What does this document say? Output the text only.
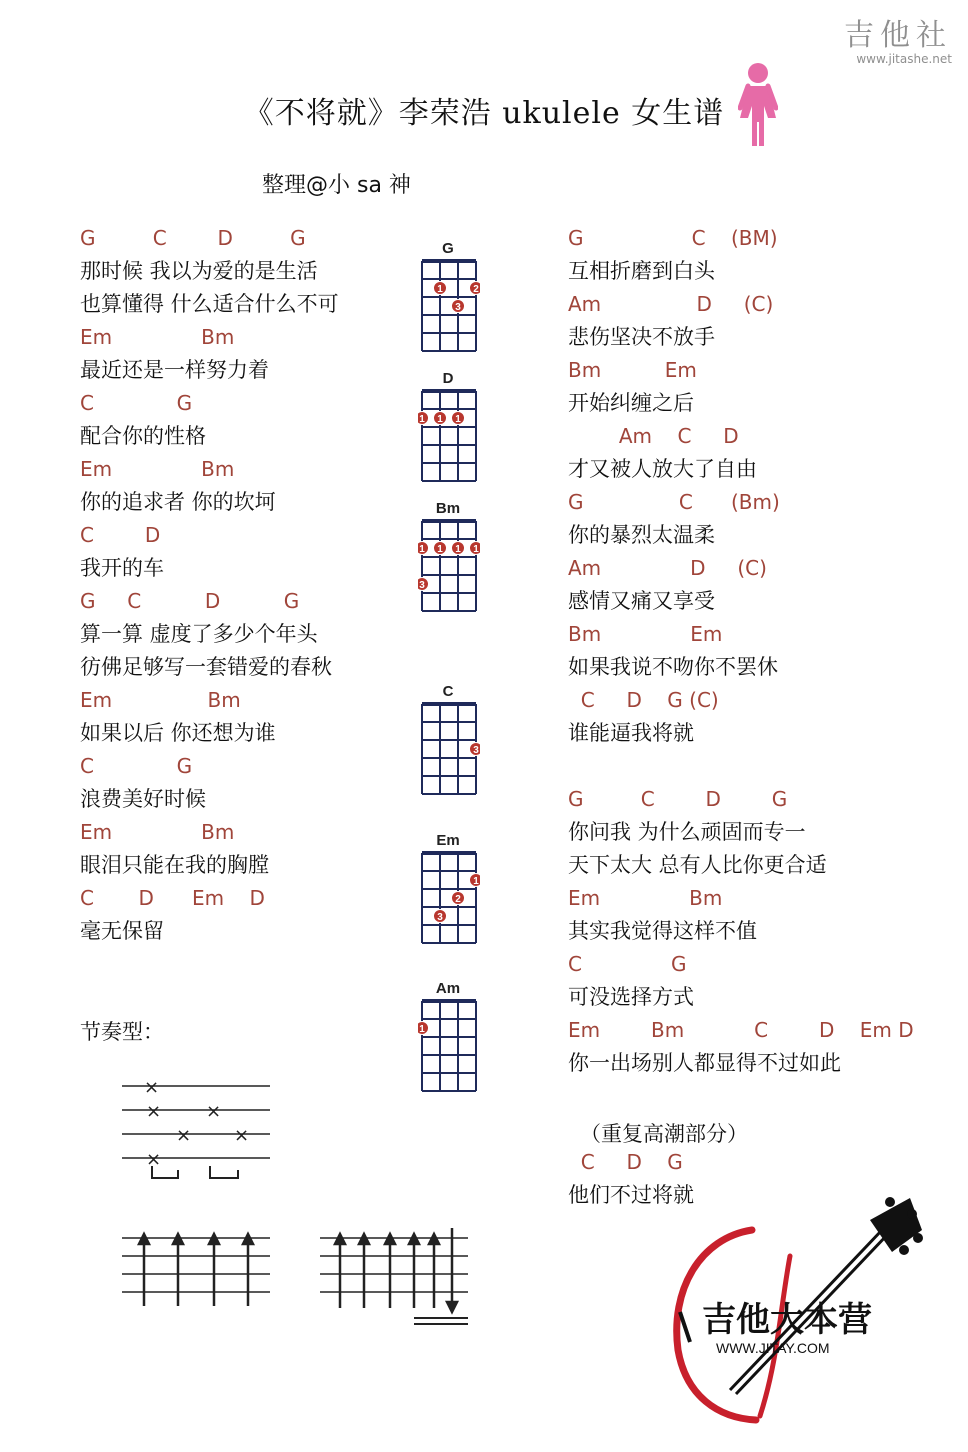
吉他社
www.jitashe.net
《不将就》李荣浩 ukulele 女生谱
整理@小 sa 神
G         C        D         G
那时候 我以为爱的是生活
也算懂得 什么适合什么不可
Em              Bm
最近还是一样努力着
C             G
配合你的性格
Em              Bm
你的追求者 你的坎坷
C        D
我开的车
G     C          D          G
算一算 虚度了多少个年头
彷佛足够写一套错爱的春秋
Em               Bm
如果以后 你还想为谁
C             G
浪费美好时候
Em              Bm
眼泪只能在我的胸膛
C       D      Em    D
毫无保留
G                 C    (BM)
互相折磨到白头
Am               D     (C)
悲伤坚决不放手
Bm          Em
开始纠缠之后
Am    C     D
才又被人放大了自由
G               C      (Bm)
你的暴烈太温柔
Am              D     (C)
感情又痛又享受
Bm              Em
如果我说不吻你不罢休
C     D    G (C)
谁能逼我将就
G         C        D        G
你问我 为什么顽固而专一
天下太大 总有人比你更合适
Em              Bm
其实我觉得这样不值
C              G
可没选择方式
Em        Bm           C        D    Em D
你一出场别人都显得不过如此
C     D    G
他们不过将就
（重复高潮部分）
G
1	2
3
D
1 1 1
Bm
1 1 1 1
3
C
3
Em
1
2
3
Am
1
节奏型：
×
× ×
× ×
×
吉他大本营
WWW.JITAY.COM
